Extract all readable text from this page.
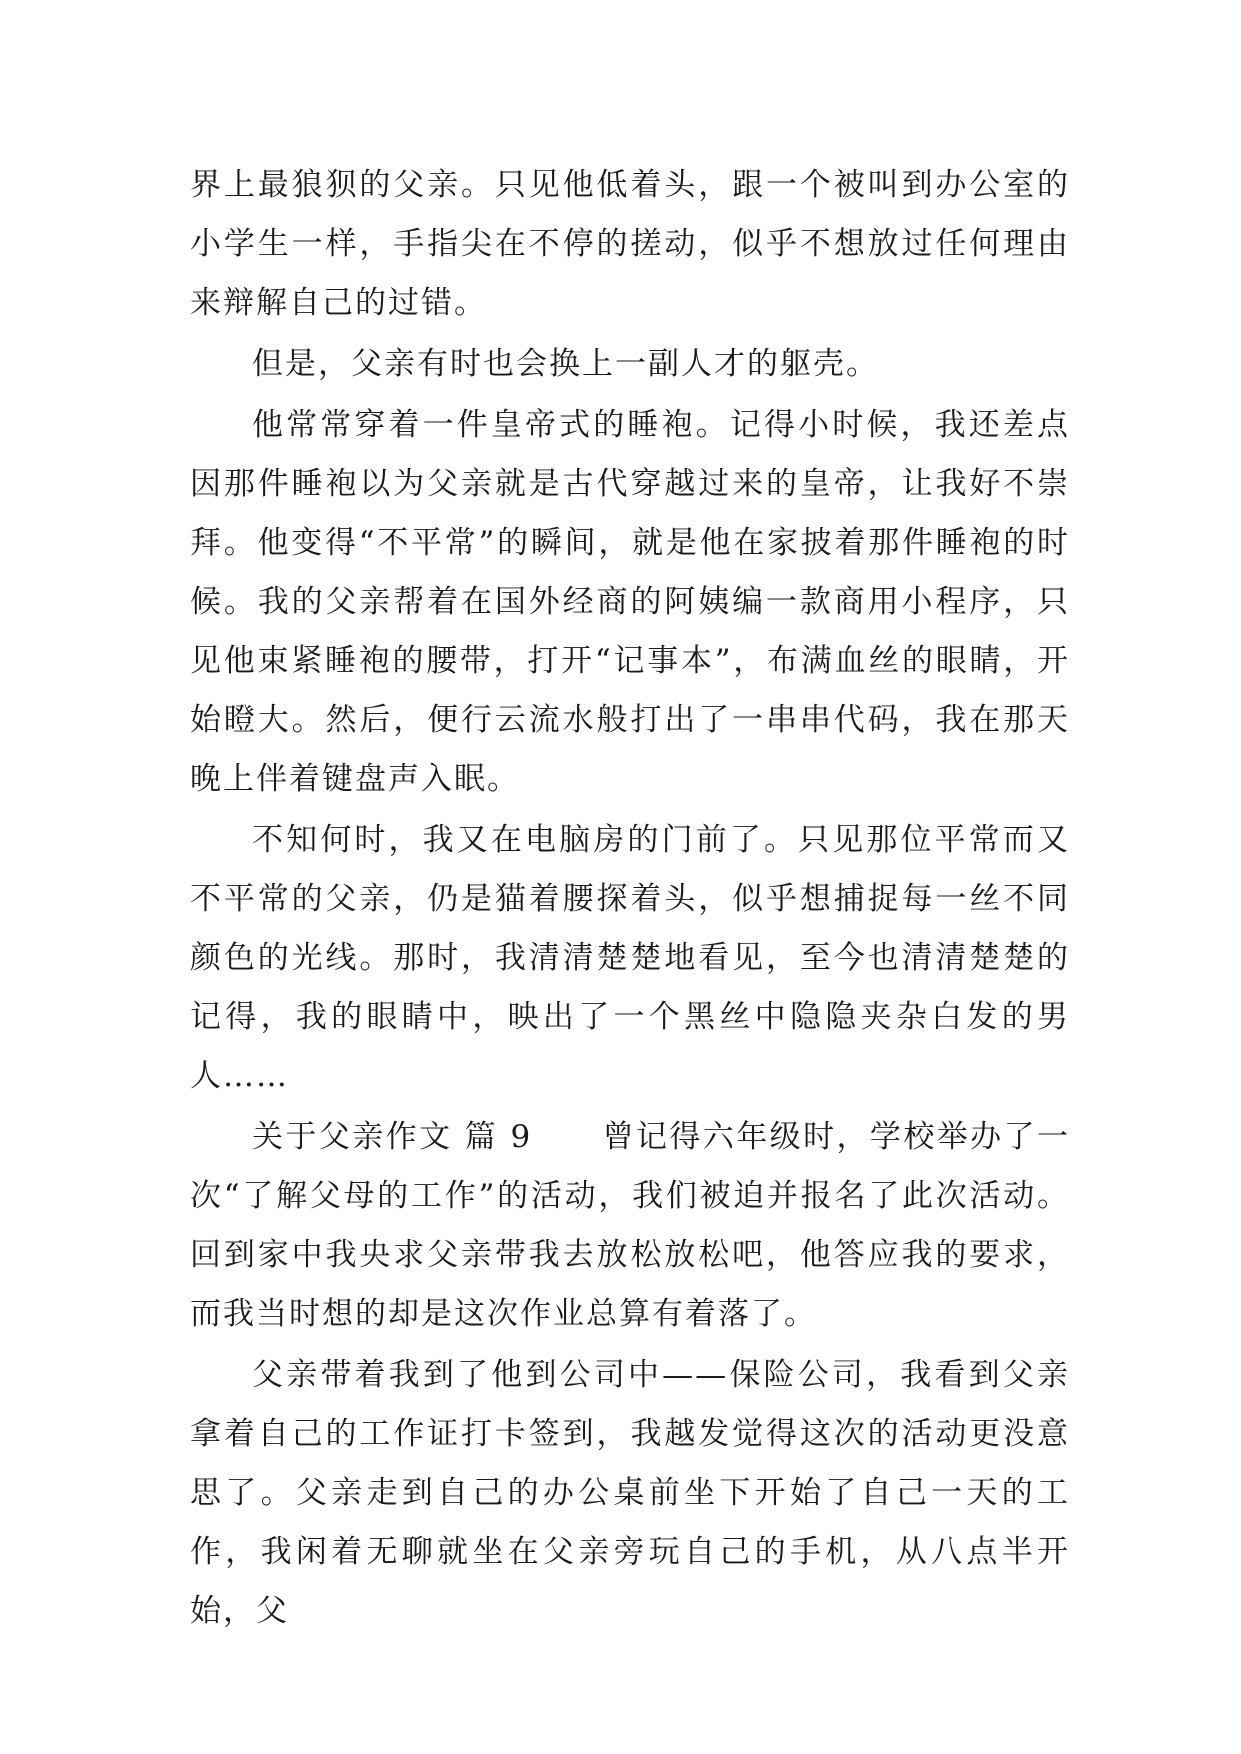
界上最狼狈的父亲。只见他低着头，跟一个被叫到办公室的小学生一样，手指尖在不停的搓动，似乎不想放过任何理由来辩解自己的过错。

但是，父亲有时也会换上一副人才的躯壳。

他常常穿着一件皇帝式的睡袍。记得小时候，我还差点因那件睡袍以为父亲就是古代穿越过来的皇帝，让我好不崇拜。他变得“不平常”的瞬间，就是他在家披着那件睡袍的时候。我的父亲帮着在国外经商的阿姨编一款商用小程序，只见他束紧睡袍的腰带，打开“记事本”，布满血丝的眼睛，开始瞪大。然后，便行云流水般打出了一串串代码，我在那天晚上伴着键盘声入眠。

不知何时，我又在电脑房的门前了。只见那位平常而又不平常的父亲，仍是猫着腰探着头，似乎想捕捉每一丝不同颜色的光线。那时，我清清楚楚地看见，至今也清清楚楚的记得，我的眼睛中，映出了一个黑丝中隐隐夹杂白发的男人……

关于父亲作文 篇 9 曾记得六年级时，学校举办了一次“了解父母的工作”的活动，我们被迫并报名了此次活动。回到家中我央求父亲带我去放松放松吧，他答应我的要求，而我当时想的却是这次作业总算有着落了。

父亲带着我到了他到公司中——保险公司，我看到父亲拿着自己的工作证打卡签到，我越发觉得这次的活动更没意思了。父亲走到自己的办公桌前坐下开始了自己一天的工作，我闲着无聊就坐在父亲旁玩自己的手机，从八点半开始，父
